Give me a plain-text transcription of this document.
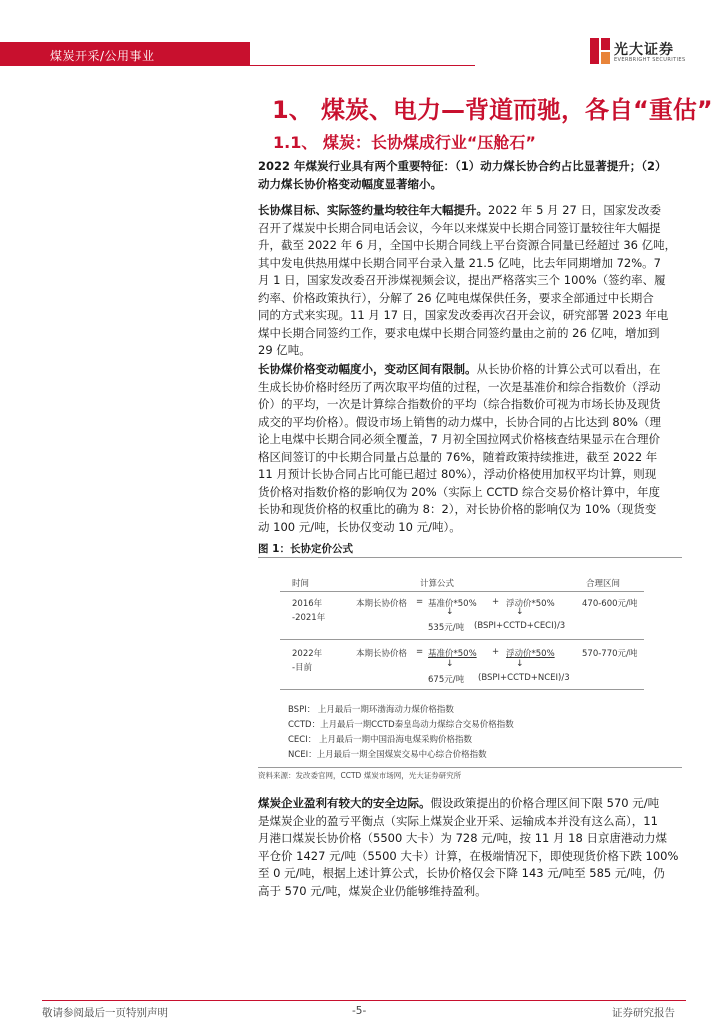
煤炭开采/公用事业	光大证券
EVERBRIGHT SECURITIES
1、 煤炭、电力—背道而驰，各自“重估”
1.1、 煤炭：长协煤成行业“压舱石”
2022 年煤炭行业具有两个重要特征：（1）动力煤长协合约占比显著提升；（2）
动力煤长协价格变动幅度显著缩小。
长协煤目标、实际签约量均较往年大幅提升。2022 年 5 月 27 日，国家发改委
召开了煤炭中长期合同电话会议，今年以来煤炭中长期合同签订量较往年大幅提
升，截至 2022 年 6 月，全国中长期合同线上平台资源合同量已经超过 36 亿吨，
其中发电供热用煤中长期合同平台录入量 21.5 亿吨，比去年同期增加 72%。7
月 1 日，国家发改委召开涉煤视频会议，提出严格落实三个 100%（签约率、履
约率、价格政策执行），分解了 26 亿吨电煤保供任务，要求全部通过中长期合
同的方式来实现。11 月 17 日，国家发改委再次召开会议，研究部署 2023 年电
煤中长期合同签约工作，要求电煤中长期合同签约量由之前的 26 亿吨，增加到
29 亿吨。
长协煤价格变动幅度小，变动区间有限制。从长协价格的计算公式可以看出，在
生成长协价格时经历了两次取平均值的过程，一次是基准价和综合指数价（浮动
价）的平均，一次是计算综合指数价的平均（综合指数价可视为市场长协及现货
成交的平均价格）。假设市场上销售的动力煤中，长协合同的占比达到 80%（理
论上电煤中长期合同必须全覆盖，7 月初全国拉网式价格核查结果显示在合理价
格区间签订的中长期合同量占总量的 76%，随着政策持续推进，截至 2022 年
11 月预计长协合同占比可能已超过 80%），浮动价格使用加权平均计算，则现
货价格对指数价格的影响仅为 20%（实际上 CCTD 综合交易价格计算中，年度
长协和现货价格的权重比的确为 8：2），对长协价格的影响仅为 10%（现货变
动 100 元/吨，长协仅变动 10 元/吨）。
图 1：长协定价公式
时间	计算公式	合理区间
2016年
-2021年
本期长协价格 = 基准价*50% + 浮动价*50%	470-600元/吨
↓	↓
535元/吨 (BSPI+CCTD+CECI)/3
2022年
-目前
本期长协价格 = 基准价*50% + 浮动价*50%	570-770元/吨
↓	↓
675元/吨 (BSPI+CCTD+NCEI)/3
BSPI： 上月最后一期环渤海动力煤价格指数
CCTD：上月最后一期CCTD秦皇岛动力煤综合交易价格指数
CECI： 上月最后一期中国沿海电煤采购价格指数
NCEI：上月最后一期全国煤炭交易中心综合价格指数
资料来源：发改委官网，CCTD 煤炭市场网，光大证券研究所
煤炭企业盈利有较大的安全边际。假设政策提出的价格合理区间下限 570 元/吨
是煤炭企业的盈亏平衡点（实际上煤炭企业开采、运输成本并没有这么高），11
月港口煤炭长协价格（5500 大卡）为 728 元/吨，按 11 月 18 日京唐港动力煤
平仓价 1427 元/吨（5500 大卡）计算，在极端情况下，即使现货价格下跌 100%
至 0 元/吨，根据上述计算公式，长协价格仅会下降 143 元/吨至 585 元/吨，仍
高于 570 元/吨，煤炭企业仍能够维持盈利。
敬请参阅最后一页特别声明	-5-	证券研究报告
